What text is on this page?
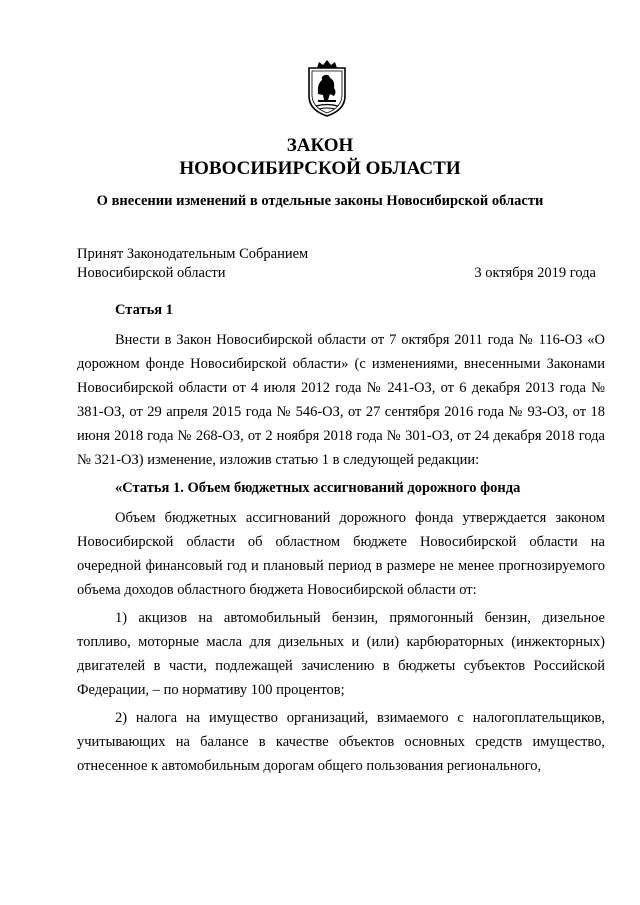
ЗАКОН
НОВОСИБИРСКОЙ ОБЛАСТИ
О внесении изменений в отдельные законы Новосибирской области
Принят Законодательным Собранием
Новосибирской области	3 октября 2019 года

Статья 1

Внести в Закон Новосибирской области от 7 октября 2011 года № 116-ОЗ «О дорожном фонде Новосибирской области» (с изменениями, внесенными Законами Новосибирской области от 4 июля 2012 года № 241-ОЗ, от 6 декабря 2013 года № 381-ОЗ, от 29 апреля 2015 года № 546-ОЗ, от 27 сентября 2016 года № 93-ОЗ, от 18 июня 2018 года № 268-ОЗ, от 2 ноября 2018 года № 301-ОЗ, от 24 декабря 2018 года № 321-ОЗ) изменение, изложив статью 1 в следующей редакции:

«Статья 1. Объем бюджетных ассигнований дорожного фонда

Объем бюджетных ассигнований дорожного фонда утверждается законом Новосибирской области об областном бюджете Новосибирской области на очередной финансовый год и плановый период в размере не менее прогнозируемого объема доходов областного бюджета Новосибирской области от:

1) акцизов на автомобильный бензин, прямогонный бензин, дизельное топливо, моторные масла для дизельных и (или) карбюраторных (инжекторных) двигателей в части, подлежащей зачислению в бюджеты субъектов Российской Федерации, – по нормативу 100 процентов;

2) налога на имущество организаций, взимаемого с налогоплательщиков, учитывающих на балансе в качестве объектов основных средств имущество, отнесенное к автомобильным дорогам общего пользования регионального,
